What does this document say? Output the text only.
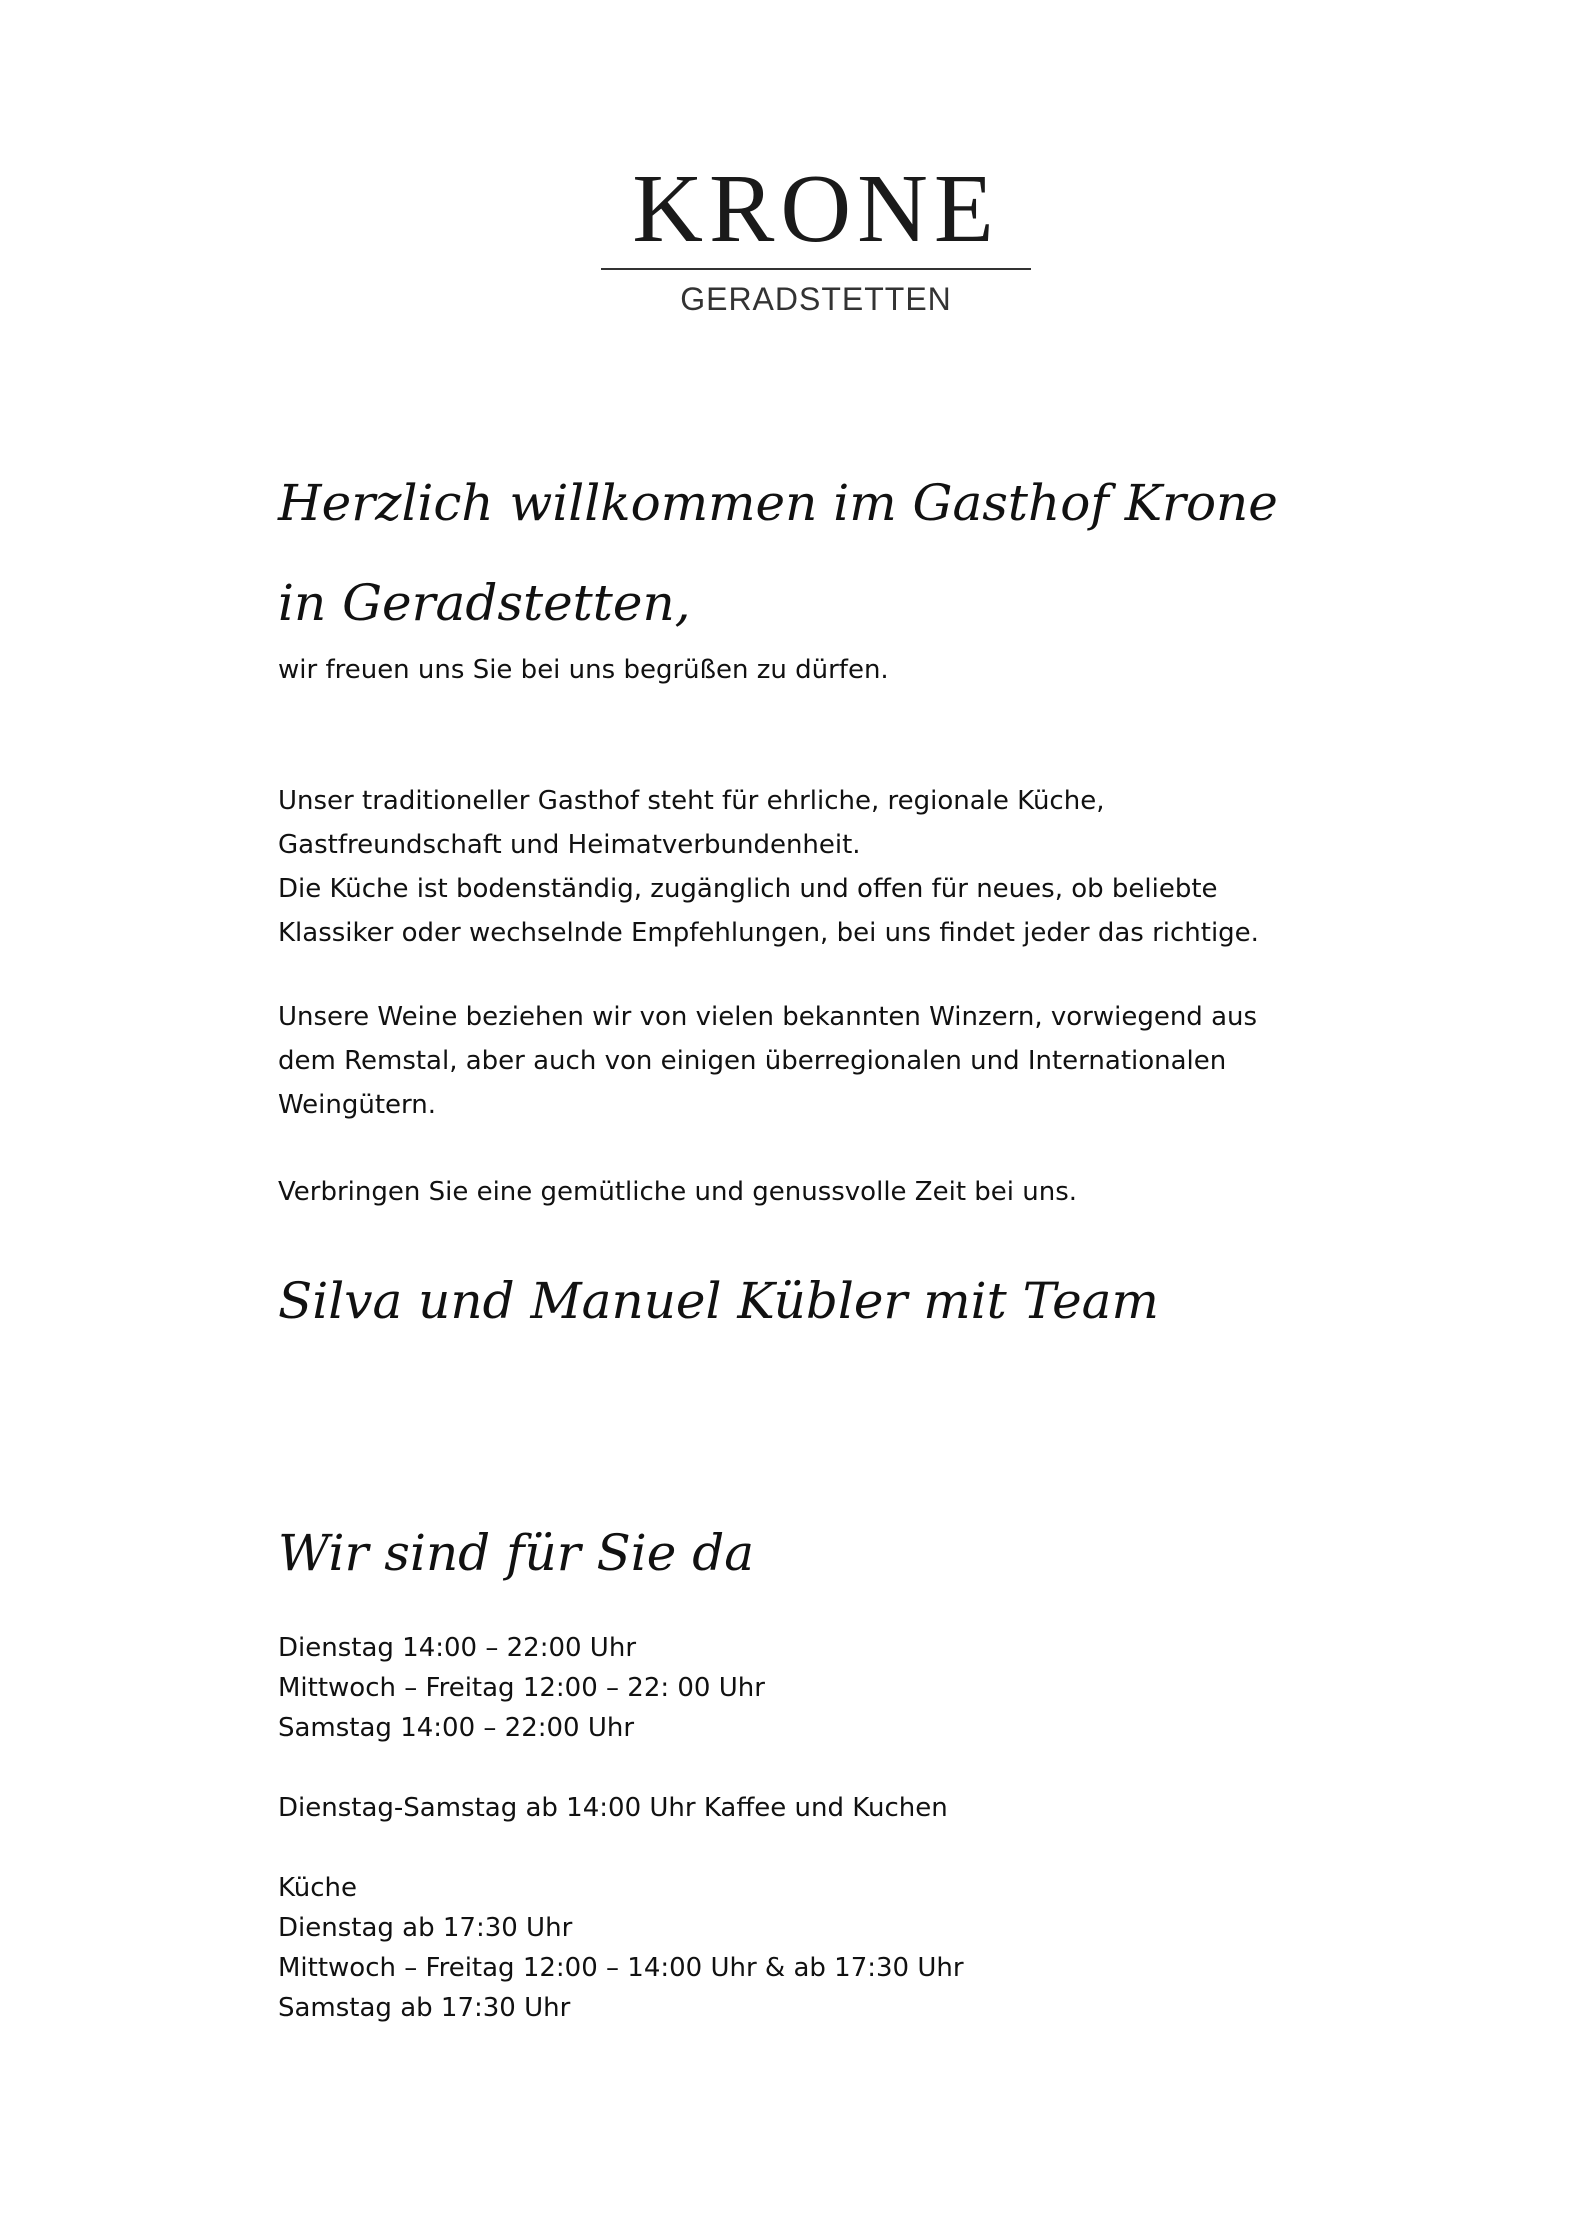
KRONE
GERADSTETTEN
Herzlich willkommen im Gasthof Krone
in Geradstetten,
wir freuen uns Sie bei uns begrüßen zu dürfen.
Unser traditioneller Gasthof steht für ehrliche, regionale Küche,
Gastfreundschaft und Heimatverbundenheit.
Die Küche ist bodenständig, zugänglich und offen für neues, ob beliebte
Klassiker oder wechselnde Empfehlungen, bei uns findet jeder das richtige.
Unsere Weine beziehen wir von vielen bekannten Winzern, vorwiegend aus
dem Remstal, aber auch von einigen überregionalen und Internationalen
Weingütern.
Verbringen Sie eine gemütliche und genussvolle Zeit bei uns.
Silva und Manuel Kübler mit Team
Wir sind für Sie da
Dienstag 14:00 – 22:00 Uhr
Mittwoch – Freitag 12:00 – 22: 00 Uhr
Samstag 14:00 – 22:00 Uhr
Dienstag-Samstag ab 14:00 Uhr Kaffee und Kuchen
Küche
Dienstag ab 17:30 Uhr
Mittwoch – Freitag 12:00 – 14:00 Uhr & ab 17:30 Uhr
Samstag ab 17:30 Uhr
